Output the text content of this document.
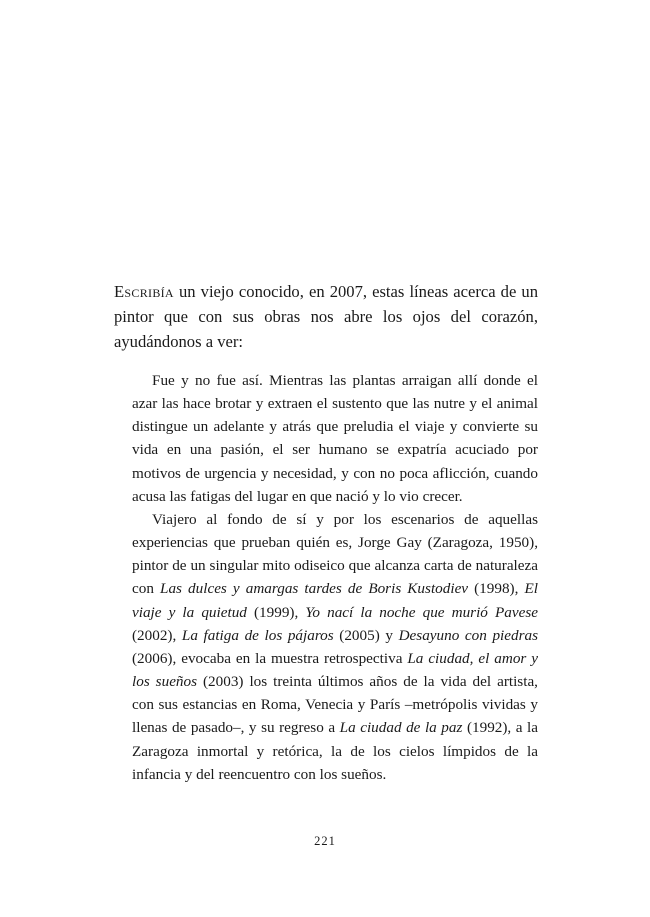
Escribía un viejo conocido, en 2007, estas líneas acerca de un pintor que con sus obras nos abre los ojos del corazón, ayudándonos a ver:

Fue y no fue así. Mientras las plantas arraigan allí donde el azar las hace brotar y extraen el sustento que las nutre y el animal distingue un adelante y atrás que preludia el viaje y convierte su vida en una pasión, el ser humano se expatría acuciado por motivos de urgencia y necesidad, y con no poca aflicción, cuando acusa las fatigas del lugar en que nació y lo vio crecer.

Viajero al fondo de sí y por los escenarios de aquellas experiencias que prueban quién es, Jorge Gay (Zaragoza, 1950), pintor de un singular mito odiseico que alcanza carta de naturaleza con Las dulces y amargas tardes de Boris Kustodiev (1998), El viaje y la quietud (1999), Yo nací la noche que murió Pavese (2002), La fatiga de los pájaros (2005) y Desayuno con piedras (2006), evocaba en la muestra retrospectiva La ciudad, el amor y los sueños (2003) los treinta últimos años de la vida del artista, con sus estancias en Roma, Venecia y París –metrópolis vividas y llenas de pasado–, y su regreso a La ciudad de la paz (1992), a la Zaragoza inmortal y retórica, la de los cielos límpidos de la infancia y del reencuentro con los sueños.

221
